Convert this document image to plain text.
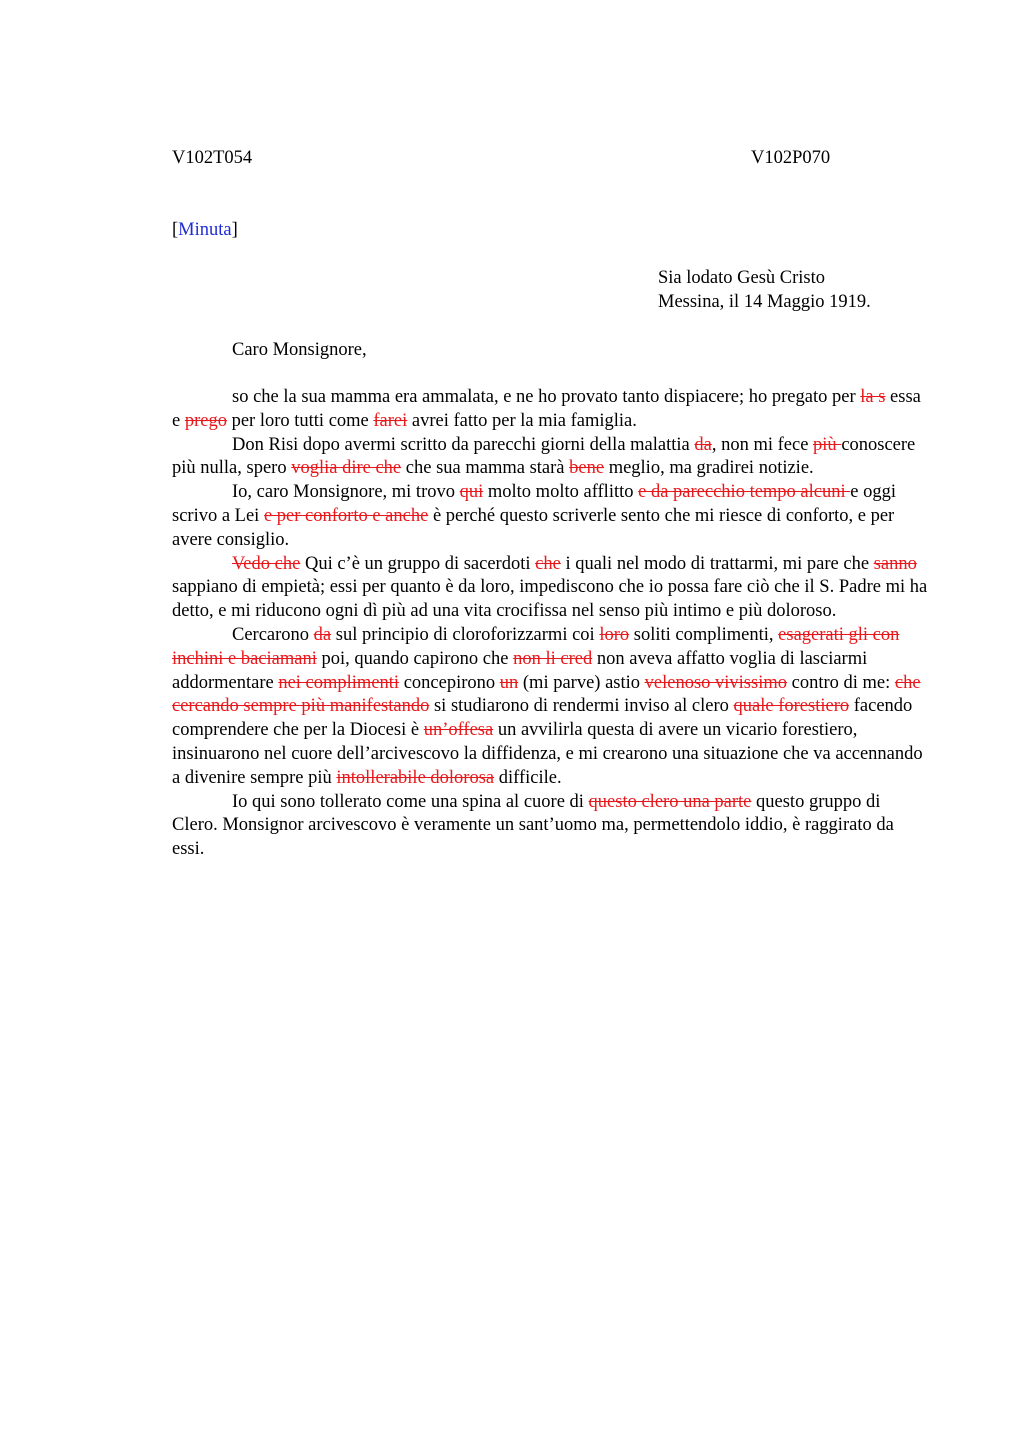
V102T054	V102P070
[Minuta]
Sia lodato Gesù Cristo
Messina, il 14 Maggio 1919.
Caro Monsignore,

so che la sua mamma era ammalata, e ne ho provato tanto dispiacere; ho pregato per la s essa e prego per loro tutti come farei avrei fatto per la mia famiglia.

Don Risi dopo avermi scritto da parecchi giorni della malattia da, non mi fece più conoscere più nulla, spero voglia dire che che sua mamma starà bene meglio, ma gradirei notizie.

Io, caro Monsignore, mi trovo qui molto molto afflitto e da parecchio tempo alcuni e oggi scrivo a Lei e per conforto e anche è perché questo scriverle sento che mi riesce di conforto, e per avere consiglio.

Vedo che Qui c’è un gruppo di sacerdoti che i quali nel modo di trattarmi, mi pare che sanno sappiano di empietà; essi per quanto è da loro, impediscono che io possa fare ciò che il S. Padre mi ha detto, e mi riducono ogni dì più ad una vita crocifissa nel senso più intimo e più doloroso.

Cercarono da sul principio di cloroforizzarmi coi loro soliti complimenti, esagerati gli con inchini e baciamani poi, quando capirono che non li cred non aveva affatto voglia di lasciarmi addormentare nei complimenti concepirono un (mi parve) astio velenoso vivissimo contro di me: che cercando sempre più manifestando si studiarono di rendermi inviso al clero quale forestiero facendo comprendere che per la Diocesi è un’offesa un avvilirla questa di avere un vicario forestiero, insinuarono nel cuore dell’arcivescovo la diffidenza, e mi crearono una situazione che va accennando a divenire sempre più intollerabile dolorosa difficile.

Io qui sono tollerato come una spina al cuore di questo clero una parte questo gruppo di Clero. Monsignor arcivescovo è veramente un sant’uomo ma, permettendolo iddio, è raggirato da essi.
